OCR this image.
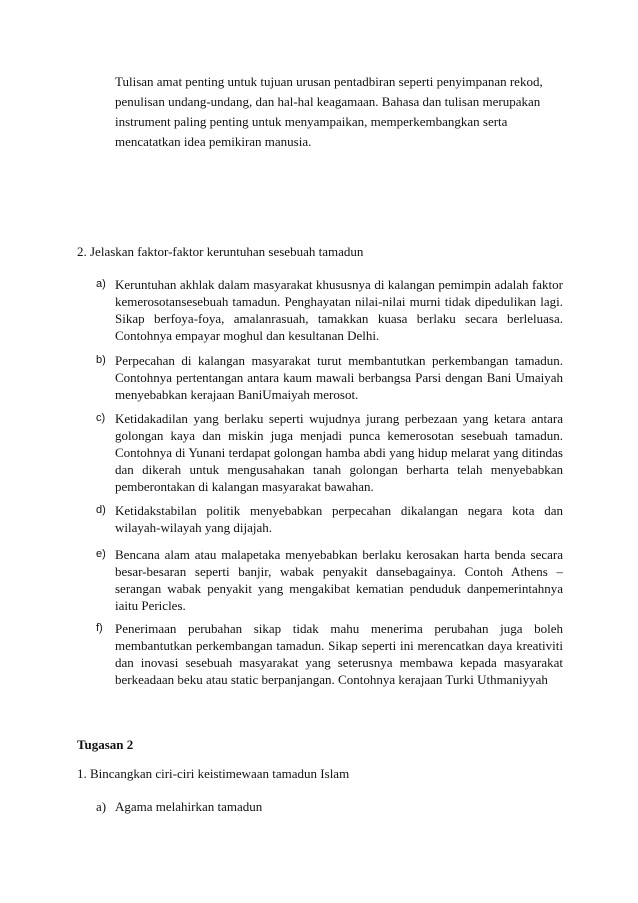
Tulisan amat penting untuk tujuan urusan pentadbiran seperti penyimpanan rekod, penulisan undang-undang, dan hal-hal keagamaan. Bahasa dan tulisan merupakan instrument paling penting untuk menyampaikan, memperkembangkan serta mencatatkan idea pemikiran manusia.

2. Jelaskan faktor-faktor keruntuhan sesebuah tamadun
a) Keruntuhan akhlak dalam masyarakat khususnya di kalangan pemimpin adalah faktor kemerosotansesebuah tamadun. Penghayatan nilai-nilai murni tidak dipedulikan lagi. Sikap berfoya-foya, amalanrasuah, tamakkan kuasa berlaku secara berleluasa. Contohnya empayar moghul dan kesultanan Delhi.
b) Perpecahan di kalangan masyarakat turut membantutkan perkembangan tamadun. Contohnya pertentangan antara kaum mawali berbangsa Parsi dengan Bani Umaiyah menyebabkan kerajaan BaniUmaiyah merosot.
c) Ketidakadilan yang berlaku seperti wujudnya jurang perbezaan yang ketara antara golongan kaya dan miskin juga menjadi punca kemerosotan sesebuah tamadun. Contohnya di Yunani terdapat golongan hamba abdi yang hidup melarat yang ditindas dan dikerah untuk mengusahakan tanah golongan berharta telah menyebabkan pemberontakan di kalangan masyarakat bawahan.
d) Ketidakstabilan politik menyebabkan perpecahan dikalangan negara kota dan wilayah-wilayah yang dijajah.
e) Bencana alam atau malapetaka menyebabkan berlaku kerosakan harta benda secara besar-besaran seperti banjir, wabak penyakit dansebagainya. Contoh Athens – serangan wabak penyakit yang mengakibat kematian penduduk danpemerintahnya iaitu Pericles.
f) Penerimaan perubahan sikap tidak mahu menerima perubahan juga boleh membantutkan perkembangan tamadun. Sikap seperti ini merencatkan daya kreativiti dan inovasi sesebuah masyarakat yang seterusnya membawa kepada masyarakat berkeadaan beku atau static berpanjangan. Contohnya kerajaan Turki Uthmaniyyah
Tugasan 2
1. Bincangkan ciri-ciri keistimewaan tamadun Islam
a) Agama melahirkan tamadun
